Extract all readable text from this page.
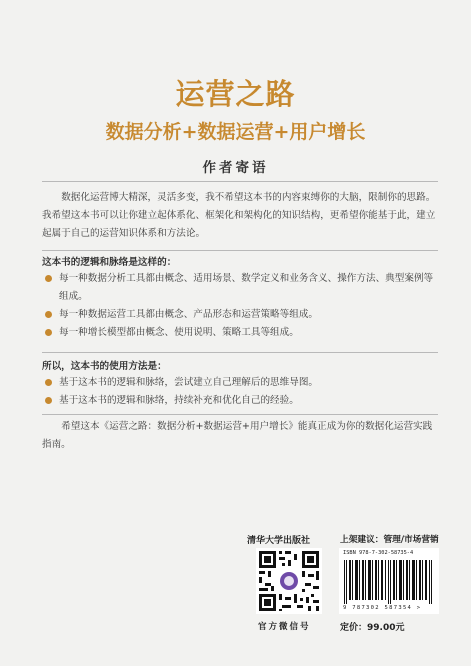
运营之路
数据分析+数据运营+用户增长
作者寄语
数据化运营博大精深，灵活多变，我不希望这本书的内容束缚你的大脑，限制你的思路。我希望这本书可以让你建立起体系化、框架化和架构化的知识结构，更希望你能基于此，建立起属于自己的运营知识体系和方法论。
这本书的逻辑和脉络是这样的：
每一种数据分析工具都由概念、适用场景、数学定义和业务含义、操作方法、典型案例等组成。
每一种数据运营工具都由概念、产品形态和运营策略等组成。
每一种增长模型都由概念、使用说明、策略工具等组成。
所以，这本书的使用方法是：
基于这本书的逻辑和脉络，尝试建立自己理解后的思维导图。
基于这本书的逻辑和脉络，持续补充和优化自己的经验。
希望这本《运营之路：数据分析+数据运营+用户增长》能真正成为你的数据化运营实践指南。
清华大学出版社
官方微信号
上架建议：管理/市场营销
ISBN 978-7-302-58735-4
9 787302 587354 >
定价：99.00元
